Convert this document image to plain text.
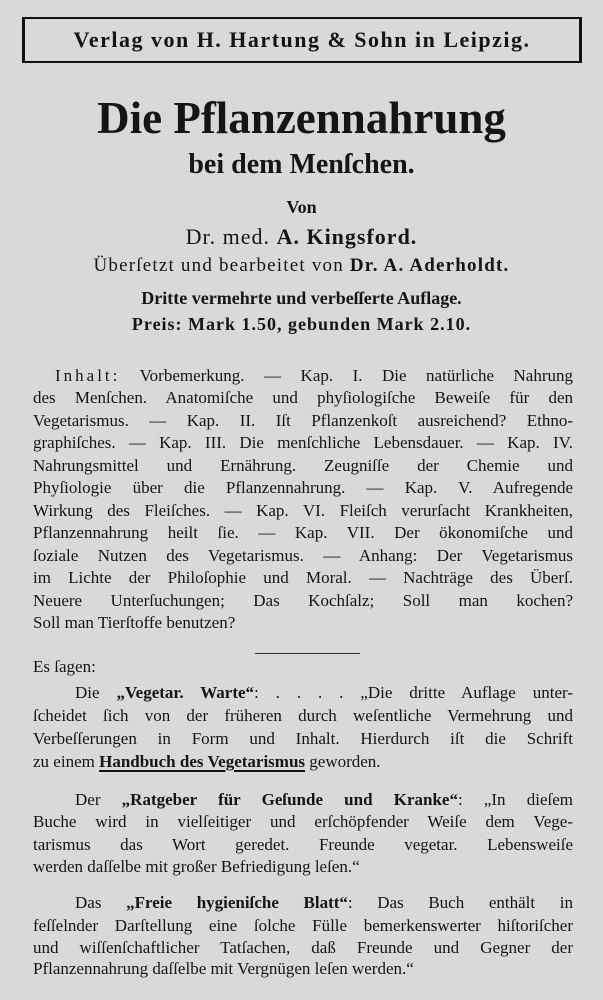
Verlag von H. Hartung & Sohn in Leipzig.
Die Pflanzennahrung
bei dem Menſchen.
Von
Dr. med. A. Kingsford.
Überſetzt und bearbeitet von Dr. A. Aderholdt.
Dritte vermehrte und verbeſſerte Auflage.
Preis: Mark 1.50, gebunden Mark 2.10.
Inhalt: Vorbemerkung. — Kap. I. Die natürliche Nahrung
des Menſchen. Anatomiſche und phyſiologiſche Beweiſe für den
Vegetarismus. — Kap. II. Iſt Pflanzenkoſt ausreichend? Ethno-
graphiſches. — Kap. III. Die menſchliche Lebensdauer. — Kap. IV.
Nahrungsmittel und Ernährung. Zeugniſſe der Chemie und
Phyſiologie über die Pflanzennahrung. — Kap. V. Aufregende
Wirkung des Fleiſches. — Kap. VI. Fleiſch verurſacht Krankheiten,
Pflanzennahrung heilt ſie. — Kap. VII. Der ökonomiſche und
ſoziale Nutzen des Vegetarismus. — Anhang: Der Vegetarismus
im Lichte der Philoſophie und Moral. — Nachträge des Überſ.
Neuere Unterſuchungen; Das Kochſalz; Soll man kochen?
Soll man Tierſtoffe benutzen?
Es ſagen:
Die „Vegetar. Warte“: . . . . „Die dritte Auflage unter-
ſcheidet ſich von der früheren durch weſentliche Vermehrung und
Verbeſſerungen in Form und Inhalt. Hierdurch iſt die Schrift
zu einem Handbuch des Vegetarismus geworden.
Der „Ratgeber für Geſunde und Kranke“: „In dieſem
Buche wird in vielſeitiger und erſchöpfender Weiſe dem Vege-
tarismus das Wort geredet. Freunde vegetar. Lebensweiſe
werden daſſelbe mit großer Befriedigung leſen.“
Das „Freie hygieniſche Blatt“: Das Buch enthält in
feſſelnder Darſtellung eine ſolche Fülle bemerkenswerter hiſtoriſcher
und wiſſenſchaftlicher Tatſachen, daß Freunde und Gegner der
Pflanzennahrung daſſelbe mit Vergnügen leſen werden.“
